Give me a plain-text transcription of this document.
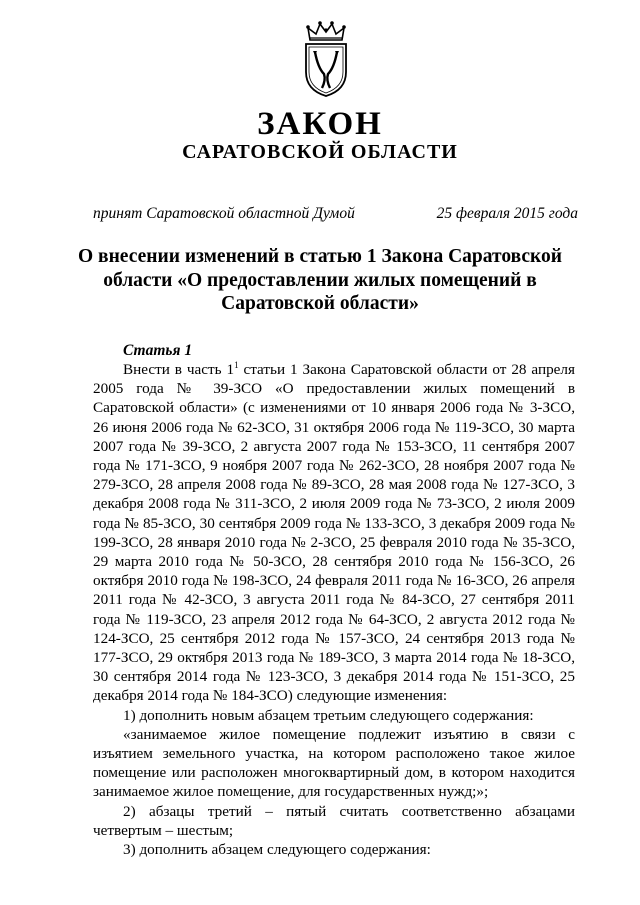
ЗАКОН
САРАТОВСКОЙ ОБЛАСТИ
принят Саратовской областной Думой	25 февраля 2015 года
О внесении изменений в статью 1 Закона Саратовской области «О предоставлении жилых помещений в Саратовской области»
Статья 1

Внести в часть $1^1$ статьи 1 Закона Саратовской области от 28 апреля 2005 года № 39-ЗСО «О предоставлении жилых помещений в Саратовской области» (с изменениями от 10 января 2006 года № 3-ЗСО, 26 июня 2006 года № 62-ЗСО, 31 октября 2006 года № 119-ЗСО, 30 марта 2007 года № 39-ЗСО, 2 августа 2007 года № 153-ЗСО, 11 сентября 2007 года № 171-ЗСО, 9 ноября 2007 года № 262-ЗСО, 28 ноября 2007 года № 279-ЗСО, 28 апреля 2008 года № 89-ЗСО, 28 мая 2008 года № 127-ЗСО, 3 декабря 2008 года № 311-ЗСО, 2 июля 2009 года № 73-ЗСО, 2 июля 2009 года № 85-ЗСО, 30 сентября 2009 года № 133-ЗСО, 3 декабря 2009 года № 199-ЗСО, 28 января 2010 года № 2-ЗСО, 25 февраля 2010 года № 35-ЗСО, 29 марта 2010 года № 50-ЗСО, 28 сентября 2010 года № 156-ЗСО, 26 октября 2010 года № 198-ЗСО, 24 февраля 2011 года № 16-ЗСО, 26 апреля 2011 года № 42-ЗСО, 3 августа 2011 года № 84-ЗСО, 27 сентября 2011 года № 119-ЗСО, 23 апреля 2012 года № 64-ЗСО, 2 августа 2012 года № 124-ЗСО, 25 сентября 2012 года № 157-ЗСО, 24 сентября 2013 года № 177-ЗСО, 29 октября 2013 года № 189-ЗСО, 3 марта 2014 года № 18-ЗСО, 30 сентября 2014 года № 123-ЗСО, 3 декабря 2014 года № 151-ЗСО, 25 декабря 2014 года № 184-ЗСО) следующие изменения:

1) дополнить новым абзацем третьим следующего содержания:

«занимаемое жилое помещение подлежит изъятию в связи с изъятием земельного участка, на котором расположено такое жилое помещение или расположен многоквартирный дом, в котором находится занимаемое жилое помещение, для государственных нужд;»;

2) абзацы третий – пятый считать соответственно абзацами четвертым – шестым;

3) дополнить абзацем следующего содержания:
